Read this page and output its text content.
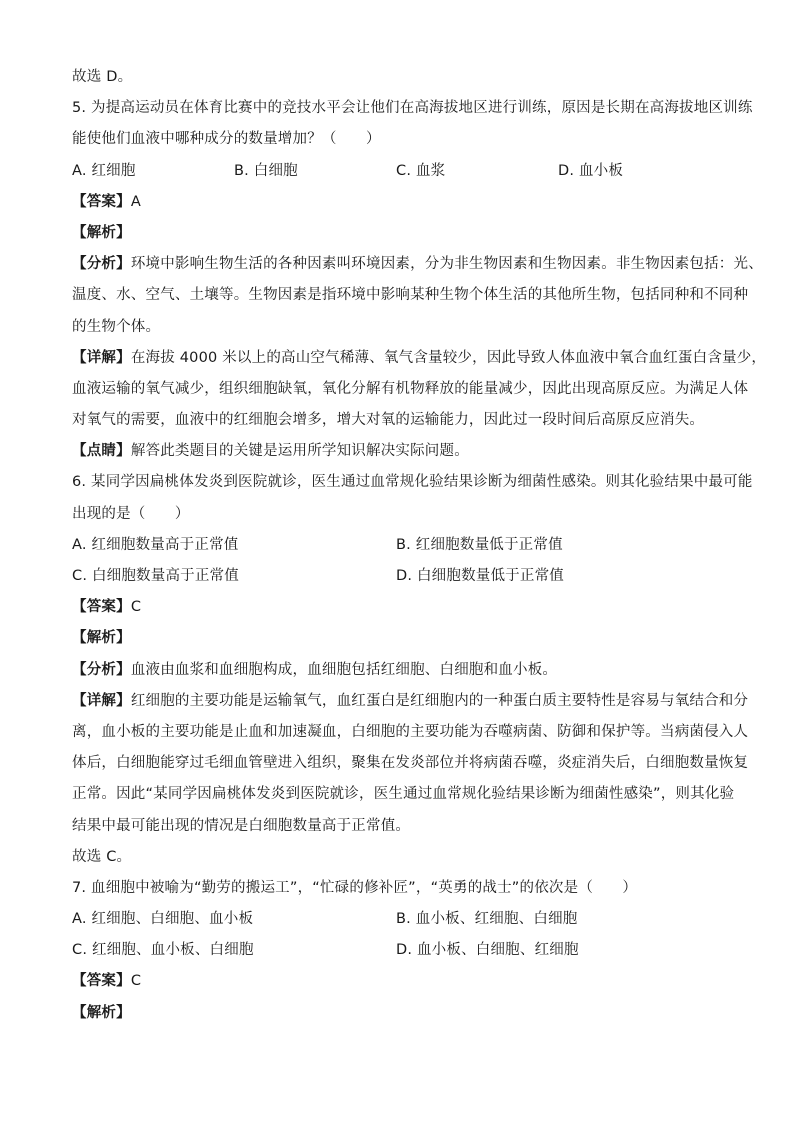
故选 D。
5. 为提高运动员在体育比赛中的竞技水平会让他们在高海拔地区进行训练，原因是长期在高海拔地区训练
能使他们血液中哪种成分的数量增加？（　　）
A. 红细胞	B. 白细胞	C. 血浆	D. 血小板
【答案】A
【解析】
【分析】环境中影响生物生活的各种因素叫环境因素，分为非生物因素和生物因素。非生物因素包括：光、
温度、水、空气、土壤等。生物因素是指环境中影响某种生物个体生活的其他所生物，包括同种和不同种
的生物个体。
【详解】在海拔 4000 米以上的高山空气稀薄、氧气含量较少，因此导致人体血液中氧合血红蛋白含量少，
血液运输的氧气减少，组织细胞缺氧，氧化分解有机物释放的能量减少，因此出现高原反应。为满足人体
对氧气的需要，血液中的红细胞会增多，增大对氧的运输能力，因此过一段时间后高原反应消失。
【点睛】解答此类题目的关键是运用所学知识解决实际问题。
6. 某同学因扁桃体发炎到医院就诊，医生通过血常规化验结果诊断为细菌性感染。则其化验结果中最可能
出现的是（　　）
A. 红细胞数量高于正常值	B. 红细胞数量低于正常值
C. 白细胞数量高于正常值	D. 白细胞数量低于正常值
【答案】C
【解析】
【分析】血液由血浆和血细胞构成，血细胞包括红细胞、白细胞和血小板。
【详解】红细胞的主要功能是运输氧气，血红蛋白是红细胞内的一种蛋白质主要特性是容易与氧结合和分
离，血小板的主要功能是止血和加速凝血，白细胞的主要功能为吞噬病菌、防御和保护等。当病菌侵入人
体后，白细胞能穿过毛细血管壁进入组织，聚集在发炎部位并将病菌吞噬，炎症消失后，白细胞数量恢复
正常。因此“某同学因扁桃体发炎到医院就诊，医生通过血常规化验结果诊断为细菌性感染”，则其化验
结果中最可能出现的情况是白细胞数量高于正常值。
故选 C。
7. 血细胞中被喻为“勤劳的搬运工”，“忙碌的修补匠”，“英勇的战士”的依次是（　　）
A. 红细胞、白细胞、血小板	B. 血小板、红细胞、白细胞
C. 红细胞、血小板、白细胞	D. 血小板、白细胞、红细胞
【答案】C
【解析】
